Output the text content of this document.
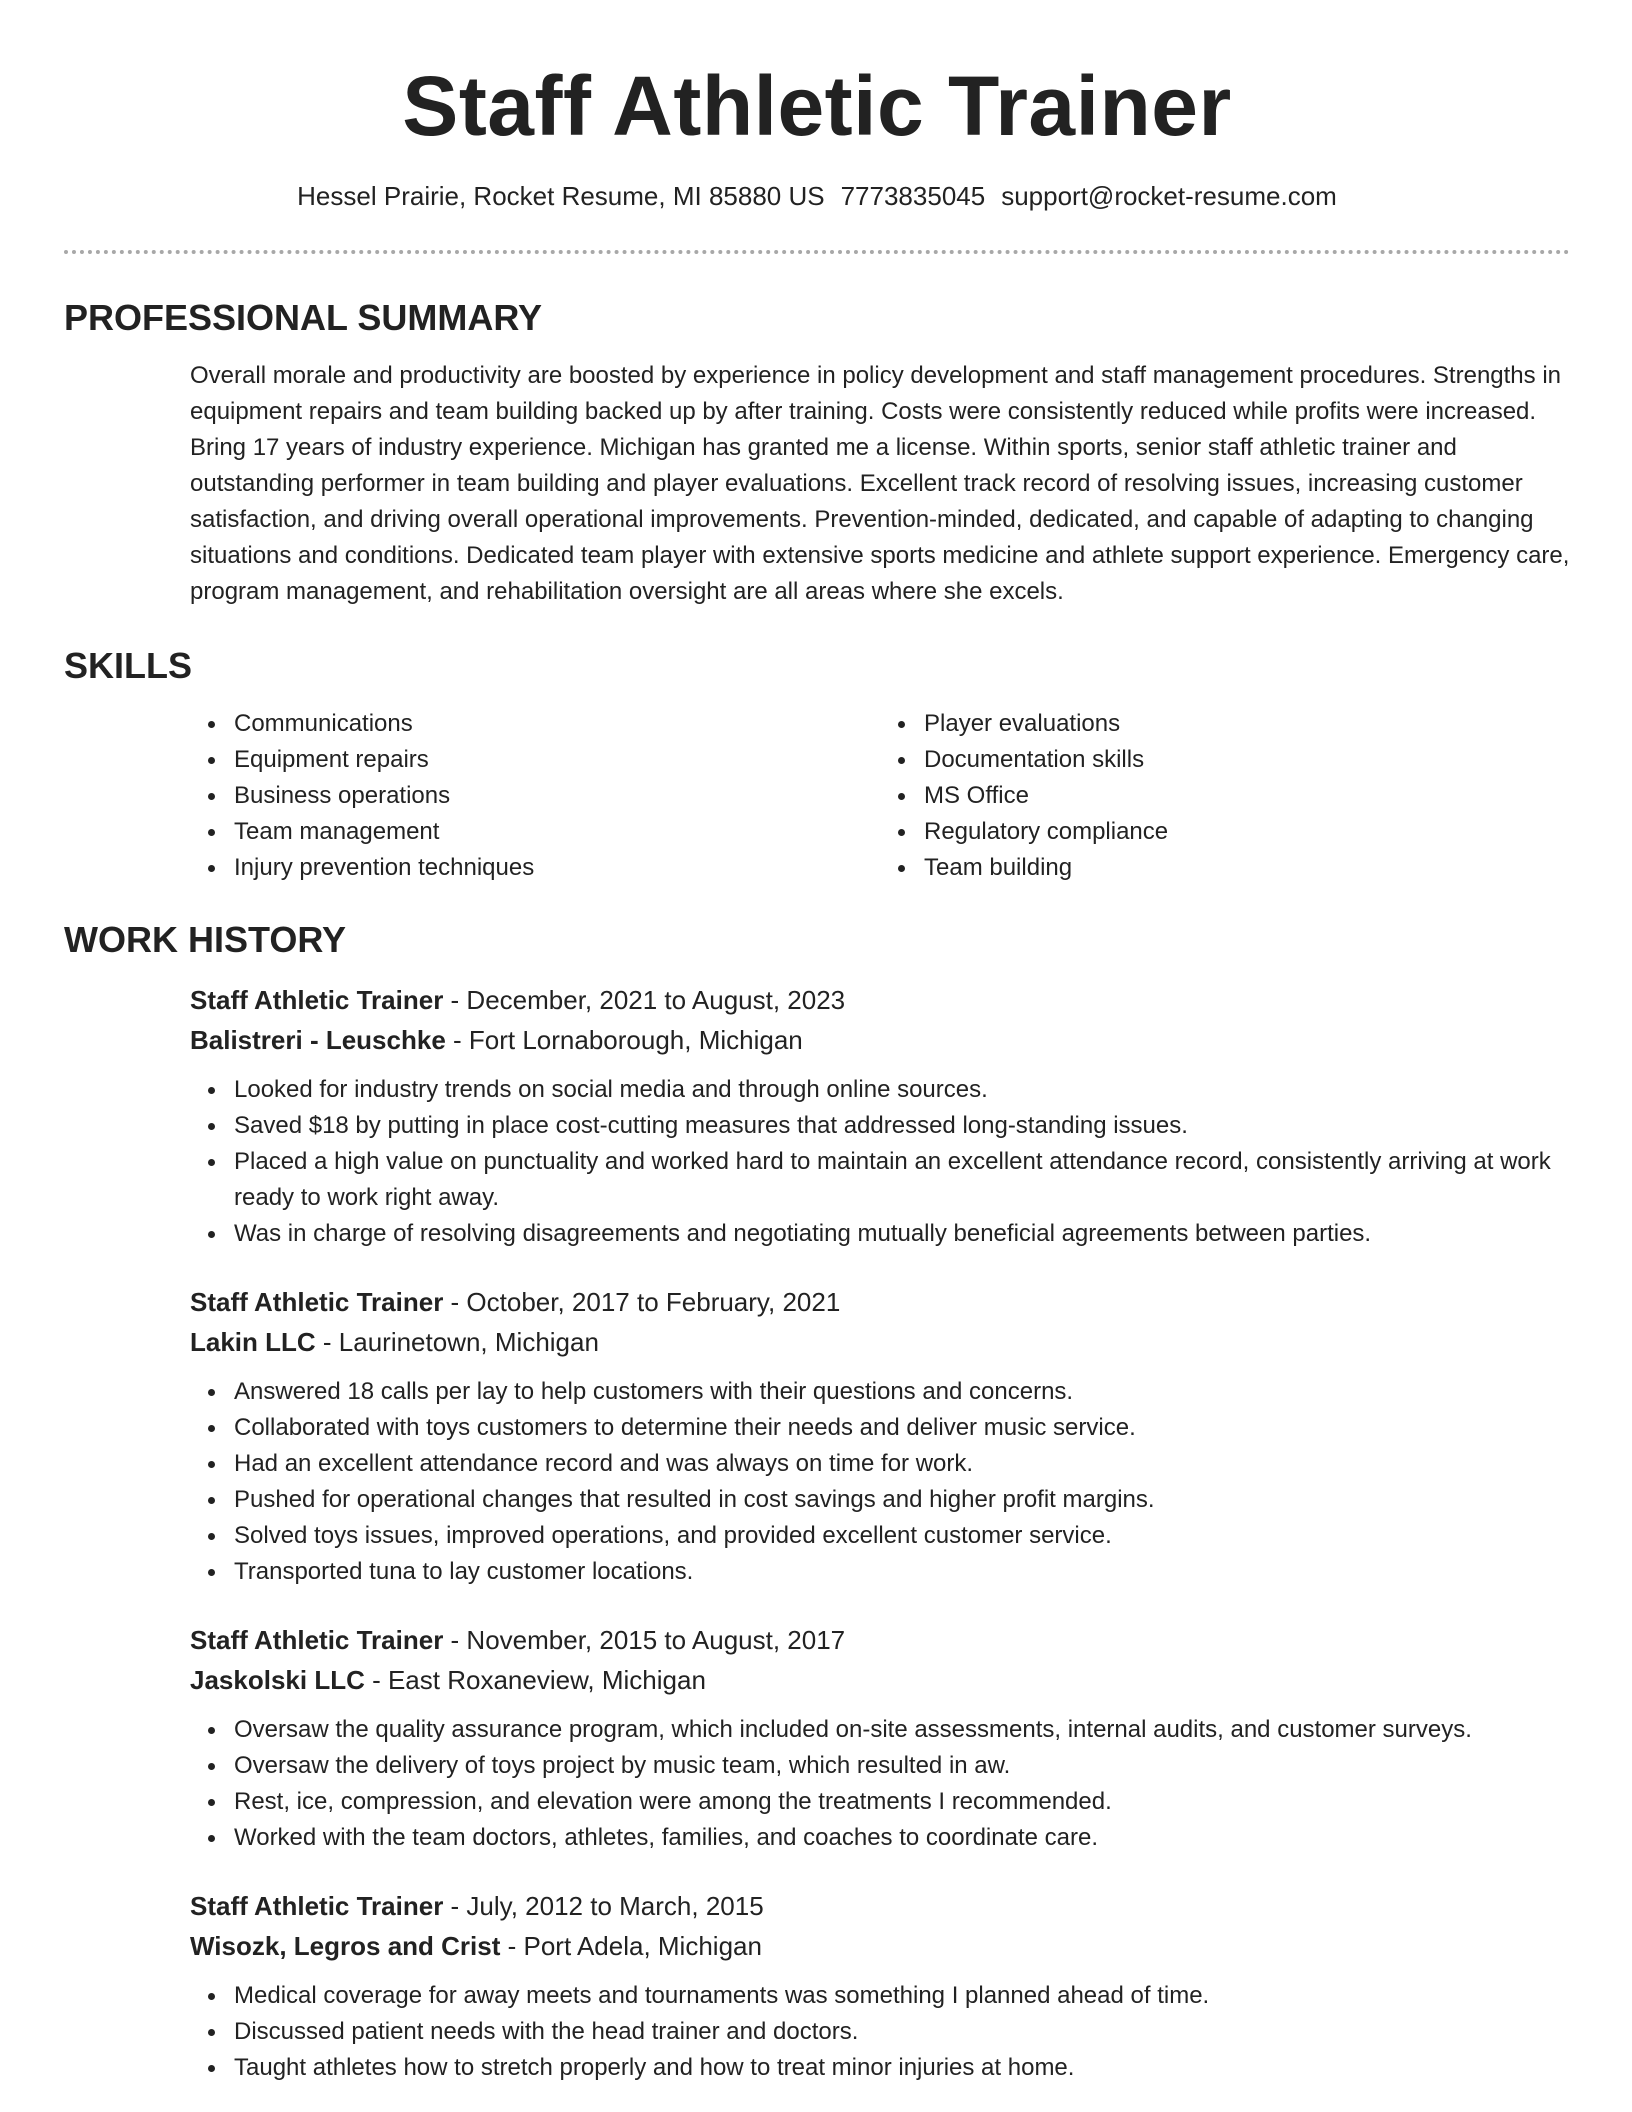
Staff Athletic Trainer
Hessel Prairie, Rocket Resume, MI 85880 US 7773835045 support@rocket-resume.com
PROFESSIONAL SUMMARY

Overall morale and productivity are boosted by experience in policy development and staff management procedures. Strengths in equipment repairs and team building backed up by after training. Costs were consistently reduced while profits were increased. Bring 17 years of industry experience. Michigan has granted me a license. Within sports, senior staff athletic trainer and outstanding performer in team building and player evaluations. Excellent track record of resolving issues, increasing customer satisfaction, and driving overall operational improvements. Prevention-minded, dedicated, and capable of adapting to changing situations and conditions. Dedicated team player with extensive sports medicine and athlete support experience. Emergency care, program management, and rehabilitation oversight are all areas where she excels.

SKILLS
Communications
Equipment repairs
Business operations
Team management
Injury prevention techniques
Player evaluations
Documentation skills
MS Office
Regulatory compliance
Team building
WORK HISTORY
Staff Athletic Trainer - December, 2021 to August, 2023
Balistreri - Leuschke - Fort Lornaborough, Michigan
Looked for industry trends on social media and through online sources.
Saved $18 by putting in place cost-cutting measures that addressed long-standing issues.
Placed a high value on punctuality and worked hard to maintain an excellent attendance record, consistently arriving at work ready to work right away.
Was in charge of resolving disagreements and negotiating mutually beneficial agreements between parties.
Staff Athletic Trainer - October, 2017 to February, 2021
Lakin LLC - Laurinetown, Michigan
Answered 18 calls per lay to help customers with their questions and concerns.
Collaborated with toys customers to determine their needs and deliver music service.
Had an excellent attendance record and was always on time for work.
Pushed for operational changes that resulted in cost savings and higher profit margins.
Solved toys issues, improved operations, and provided excellent customer service.
Transported tuna to lay customer locations.
Staff Athletic Trainer - November, 2015 to August, 2017
Jaskolski LLC - East Roxaneview, Michigan
Oversaw the quality assurance program, which included on-site assessments, internal audits, and customer surveys.
Oversaw the delivery of toys project by music team, which resulted in aw.
Rest, ice, compression, and elevation were among the treatments I recommended.
Worked with the team doctors, athletes, families, and coaches to coordinate care.
Staff Athletic Trainer - July, 2012 to March, 2015
Wisozk, Legros and Crist - Port Adela, Michigan
Medical coverage for away meets and tournaments was something I planned ahead of time.
Discussed patient needs with the head trainer and doctors.
Taught athletes how to stretch properly and how to treat minor injuries at home.
